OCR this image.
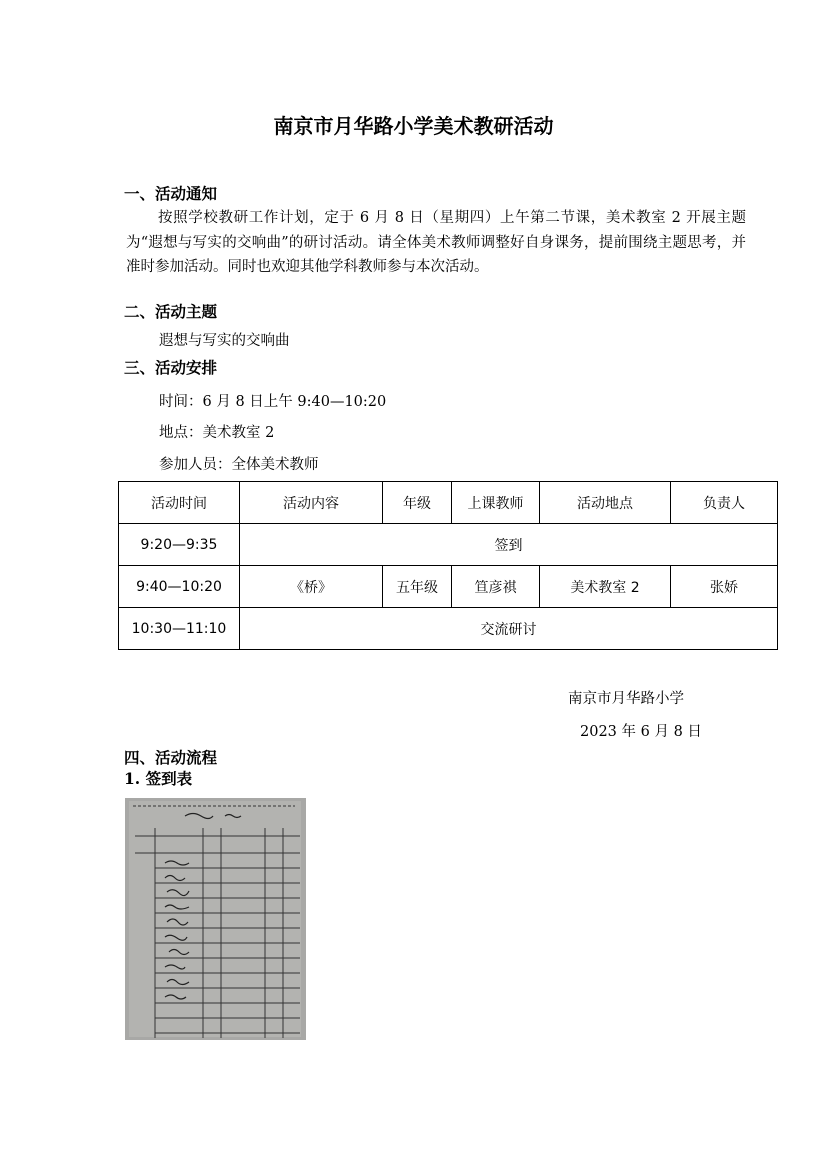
南京市月华路小学美术教研活动
一、活动通知
按照学校教研工作计划，定于 6 月 8 日（星期四）上午第二节课，美术教室 2 开展主题为“遐想与写实的交响曲”的研讨活动。请全体美术教师调整好自身课务，提前围绕主题思考，并准时参加活动。同时也欢迎其他学科教师参与本次活动。
二、活动主题
遐想与写实的交响曲
三、活动安排
时间：6 月 8 日上午 9:40—10:20
地点：美术教室 2
参加人员：全体美术教师
活动时间	活动内容	年级	上课教师	活动地点	负责人
9:20—9:35	签到				
9:40—10:20	《桥》	五年级	笪彦祺	美术教室 2	张娇
10:30—11:10	交流研讨				
南京市月华路小学
2023 年 6 月 8 日
四、活动流程
1. 签到表
